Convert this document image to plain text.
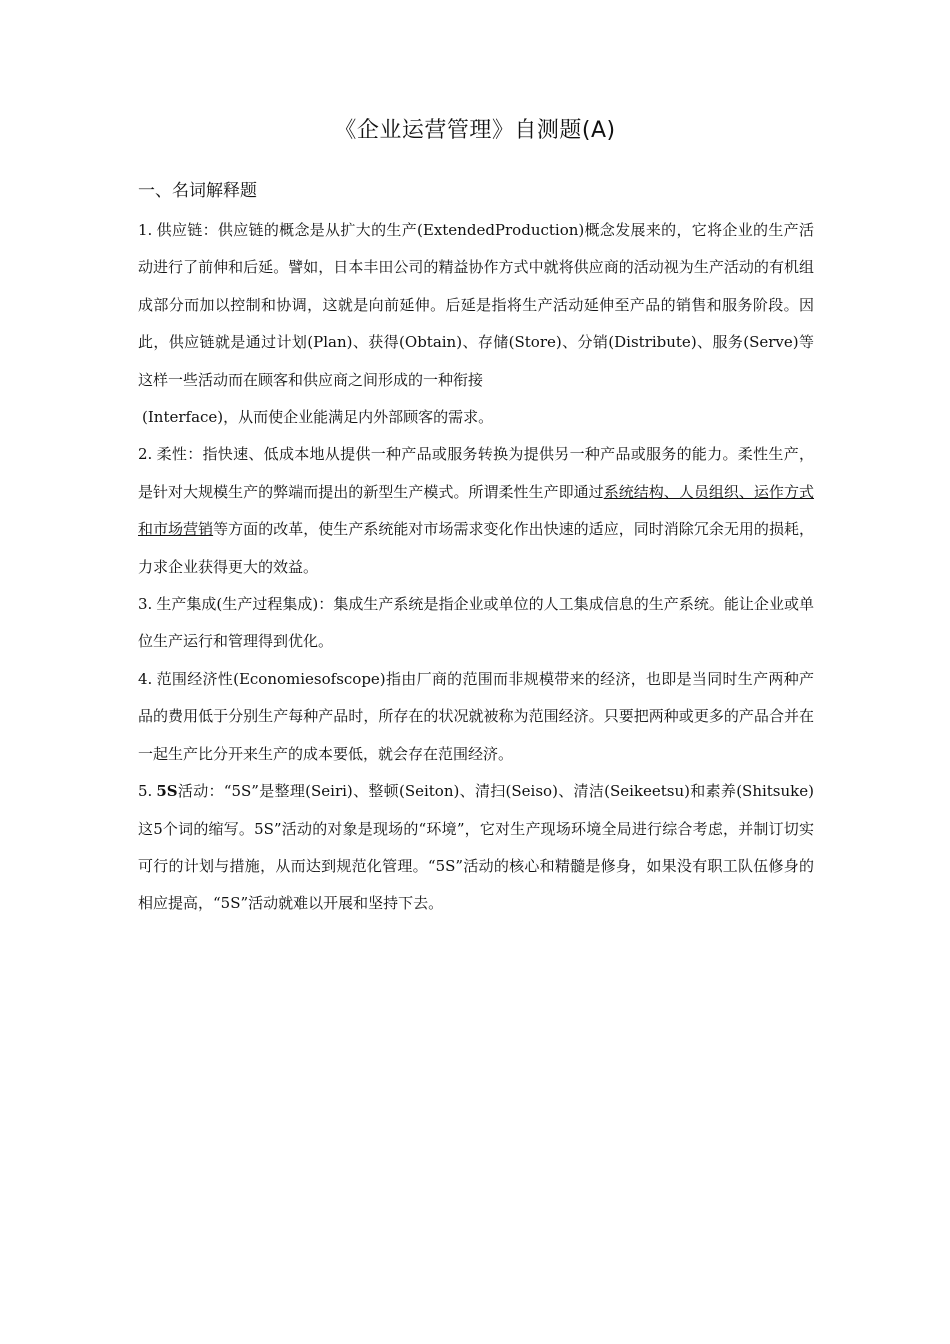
《企业运营管理》自测题(A)
一、名词解释题

1. 供应链：供应链的概念是从扩大的生产(ExtendedProduction)概念发展来的，它将企业的生产活动进行了前伸和后延。譬如，日本丰田公司的精益协作方式中就将供应商的活动视为生产活动的有机组成部分而加以控制和协调，这就是向前延伸。后延是指将生产活动延伸至产品的销售和服务阶段。因此，供应链就是通过计划(Plan)、获得(Obtain)、存储(Store)、分销(Distribute)、服务(Serve)等这样一些活动而在顾客和供应商之间形成的一种衔接

(Interface)，从而使企业能满足内外部顾客的需求。

2. 柔性：指快速、低成本地从提供一种产品或服务转换为提供另一种产品或服务的能力。柔性生产，是针对大规模生产的弊端而提出的新型生产模式。所谓柔性生产即通过系统结构、人员组织、运作方式和市场营销等方面的改革，使生产系统能对市场需求变化作出快速的适应，同时消除冗余无用的损耗，力求企业获得更大的效益。

3. 生产集成(生产过程集成)：集成生产系统是指企业或单位的人工集成信息的生产系统。能让企业或单位生产运行和管理得到优化。

4. 范围经济性(Economiesofscope)指由厂商的范围而非规模带来的经济，也即是当同时生产两种产品的费用低于分别生产每种产品时，所存在的状况就被称为范围经济。只要把两种或更多的产品合并在一起生产比分开来生产的成本要低，就会存在范围经济。

5. 5S活动：“5S”是整理(Seiri)、整顿(Seiton)、清扫(Seiso)、清洁(Seikeetsu)和素养(Shitsuke)这5个词的缩写。5S”活动的对象是现场的“环境”，它对生产现场环境全局进行综合考虑，并制订切实可行的计划与措施，从而达到规范化管理。“5S”活动的核心和精髓是修身，如果没有职工队伍修身的相应提高，“5S”活动就难以开展和坚持下去。
